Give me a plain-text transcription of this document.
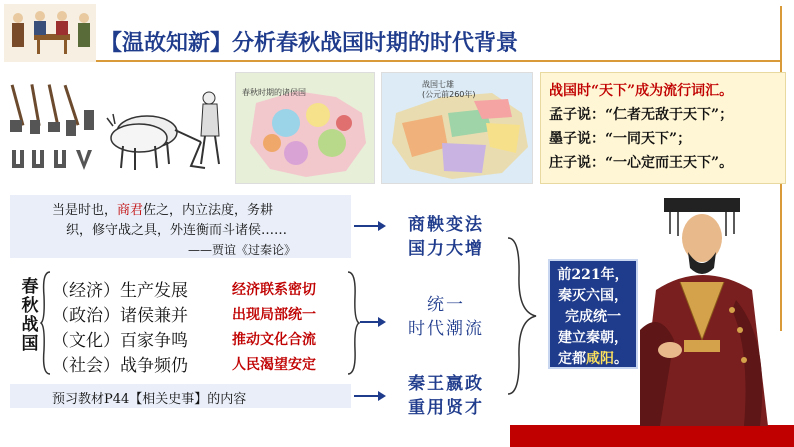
【温故知新】分析春秋战国时期的时代背景
春秋时期的诸侯国
战国七雄
(公元前260年)	战国时“天下”成为流行词汇。
孟子说：“仁者无敌于天下”；
墨子说：“一同天下”；
庄子说：“一心定而王天下”。
当是时也，商君佐之，内立法度，务耕
织，修守战之具，外连衡而斗诸侯……
——贾谊《过秦论》
春
秋
战
国
（经济）生产发展
（政治）诸侯兼并
（文化）百家争鸣
（社会）战争频仍
经济联系密切
出现局部统一
推动文化合流
人民渴望安定
预习教材P44【相关史事】的内容
商鞅变法
国力大增
统一
时代潮流
秦王嬴政
重用贤才
前221年，
秦灭六国，
完成统一
建立秦朝，
定都咸阳。
